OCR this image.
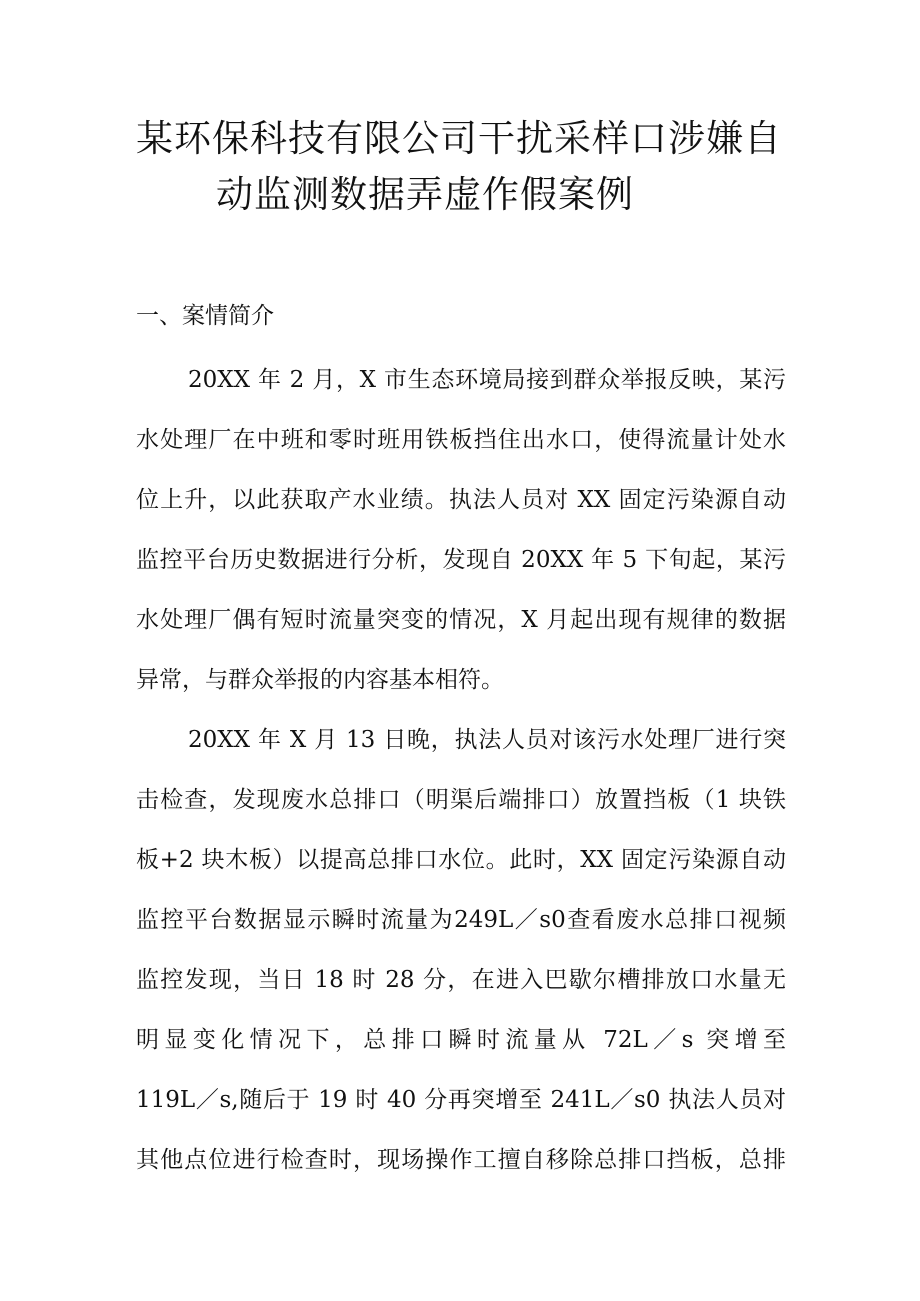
某环保科技有限公司干扰采样口涉嫌自
动监测数据弄虚作假案例
一、案情简介
20XX 年 2 月，X 市生态环境局接到群众举报反映，某污
水处理厂在中班和零时班用铁板挡住出水口，使得流量计处水
位上升，以此获取产水业绩。执法人员对 XX 固定污染源自动
监控平台历史数据进行分析，发现自 20XX 年 5 下旬起，某污
水处理厂偶有短时流量突变的情况，X 月起出现有规律的数据
异常，与群众举报的内容基本相符。
20XX 年 X 月 13 日晚，执法人员对该污水处理厂进行突
击检查，发现废水总排口（明渠后端排口）放置挡板（1 块铁
板+2 块木板）以提高总排口水位。此时，XX 固定污染源自动
监控平台数据显示瞬时流量为249L／s0查看废水总排口视频
监控发现，当日 18 时 28 分，在进入巴歇尔槽排放口水量无
明显变化情况下，总排口瞬时流量从 72L／s 突增至
119L／s,随后于 19 时 40 分再突增至 241L／s0 执法人员对
其他点位进行检查时，现场操作工擅自移除总排口挡板，总排
